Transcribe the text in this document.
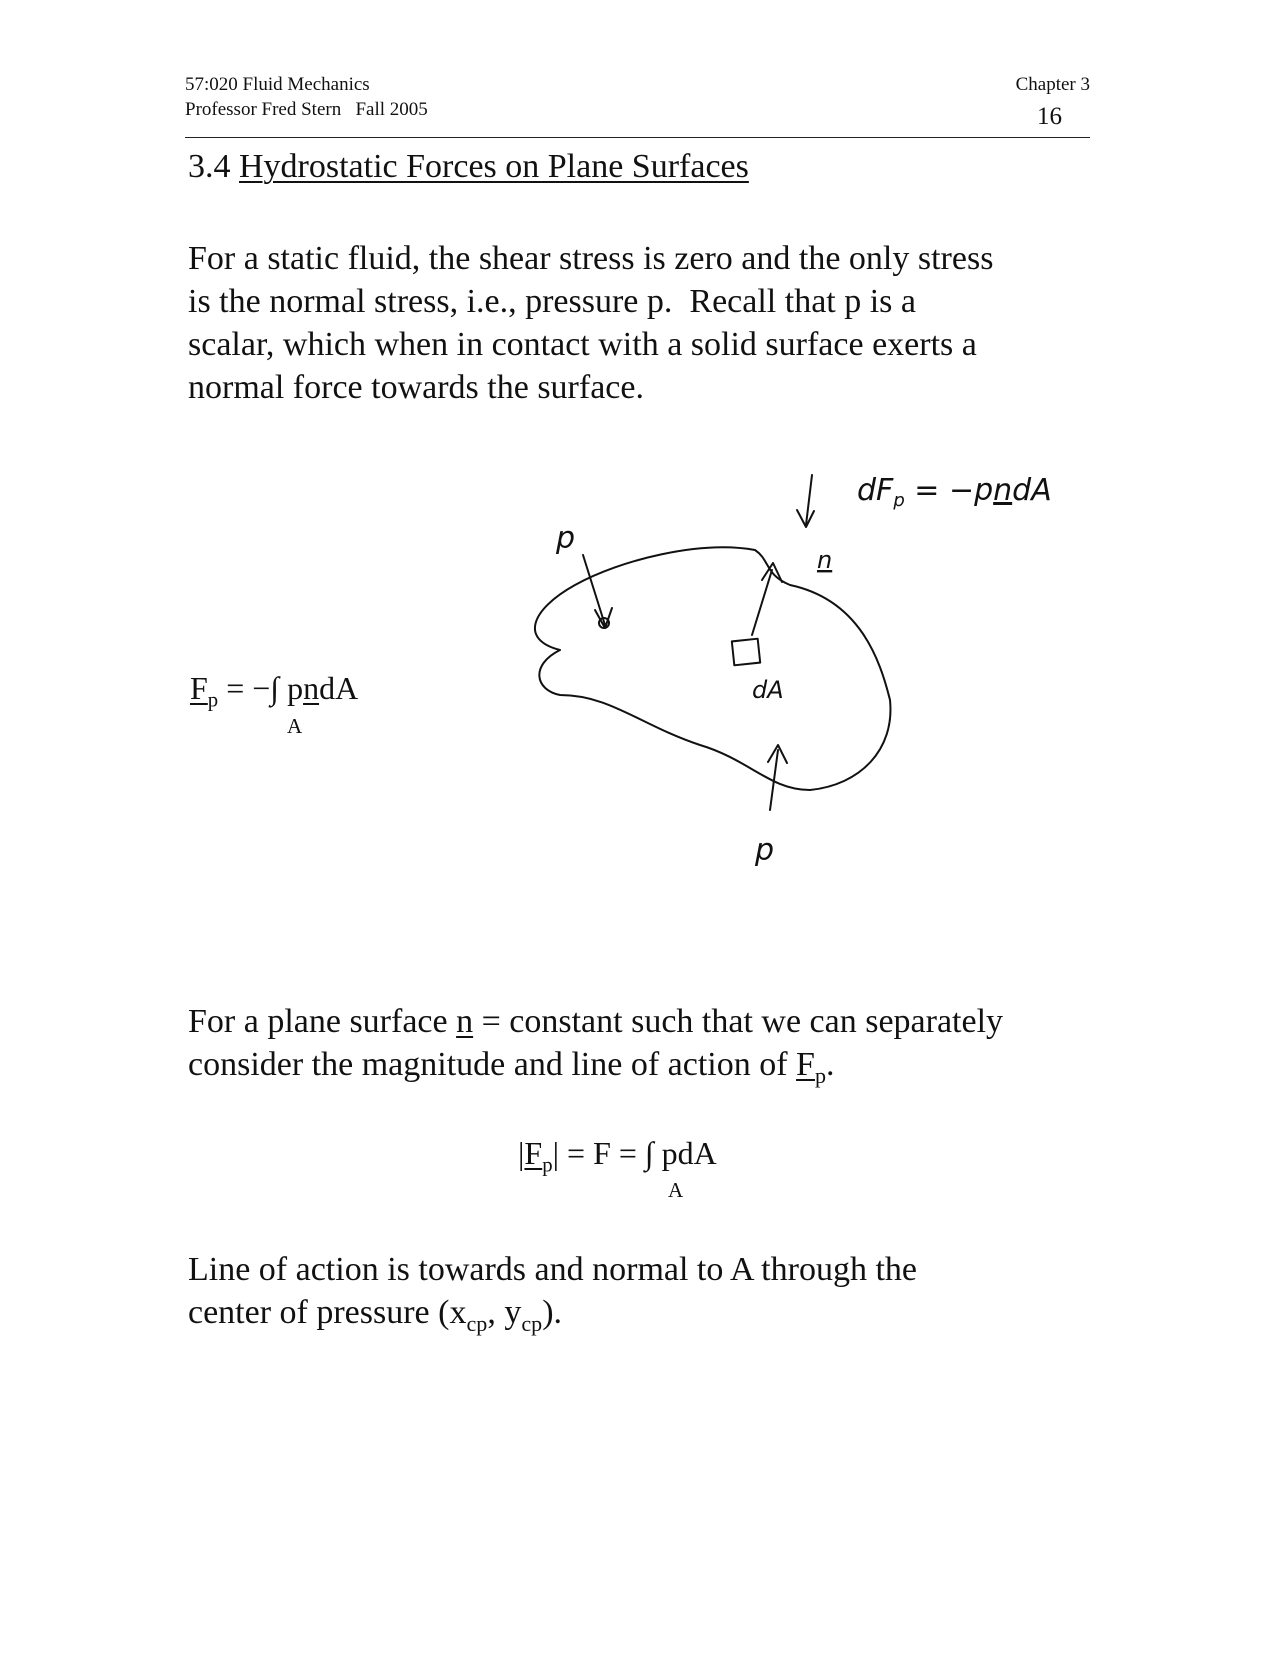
57:020 Fluid Mechanics
Professor Fred Stern   Fall 2005
Chapter 3
16
3.4 Hydrostatic Forces on Plane Surfaces
For a static fluid, the shear stress is zero and the only stress
is the normal stress, i.e., pressure p.  Recall that p is a
scalar, which when in contact with a solid surface exerts a
normal force towards the surface.
$F_p$ = −∫ pndA
A
p
n
dA
p
$dF_p$ = −pndA
For a plane surface n = constant such that we can separately
consider the magnitude and line of action of $F_p$.
$|F_p| = F$ = ∫ pdA
A
Line of action is towards and normal to A through the
center of pressure ($x_{cp}$, $y_{cp}$).
